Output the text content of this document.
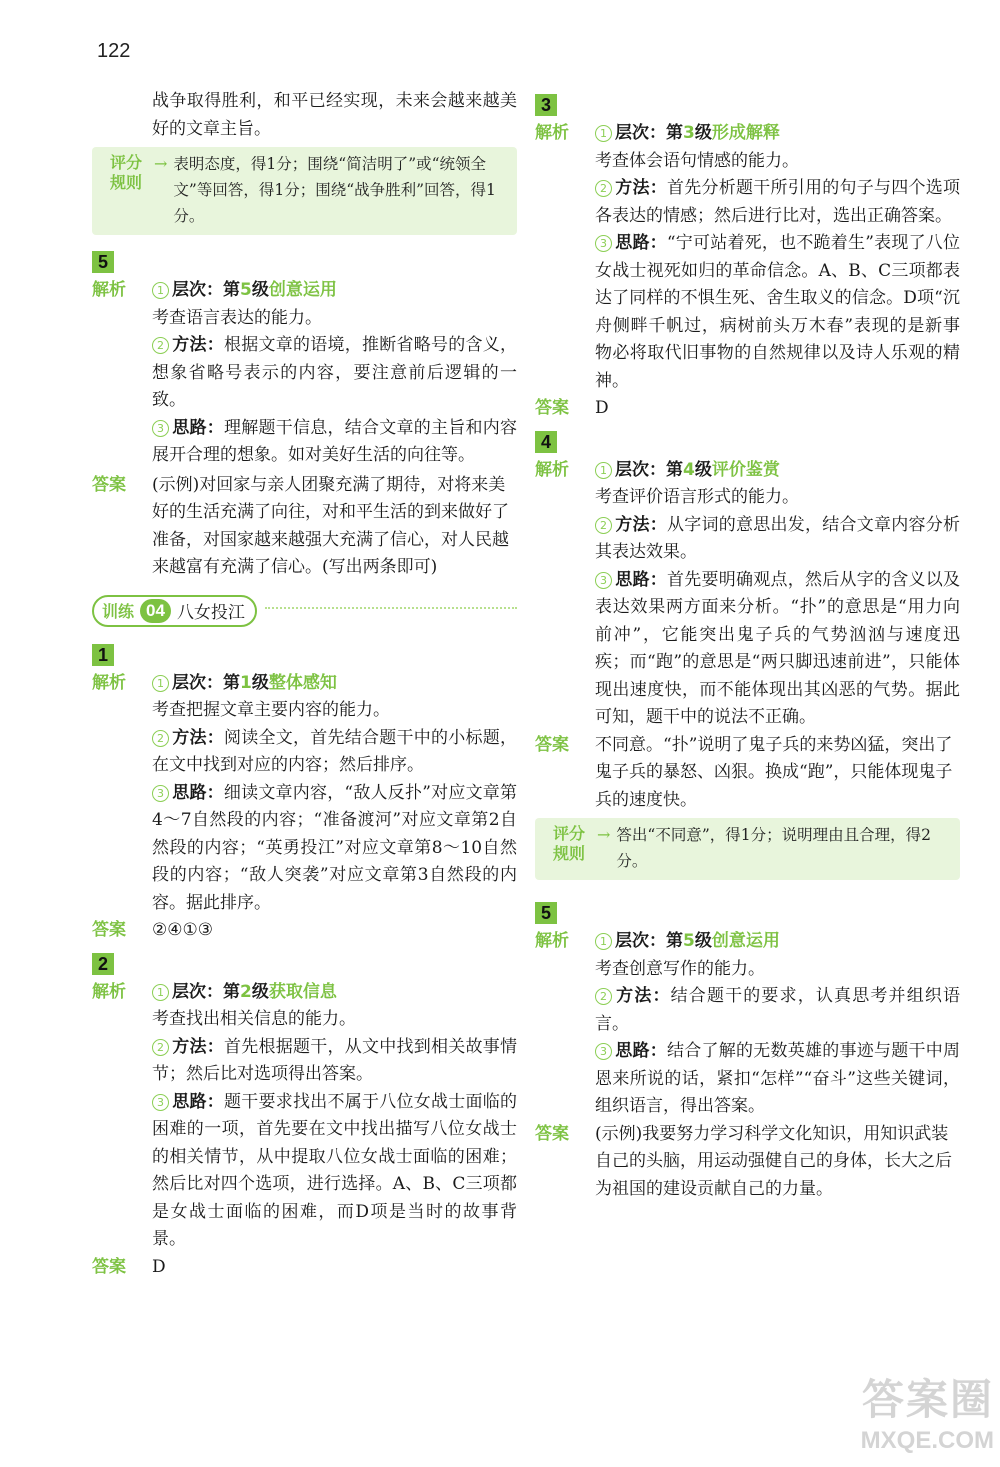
122
战争取得胜利，和平已经实现，未来会越来越美好的文章主旨。
评分
规则
→ 表明态度，得1分；围绕“简洁明了”或“统领全文”等回答，得1分；围绕“战争胜利”回答，得1分。
5
解析	1 层次：第5级创意运用
考查语言表达的能力。
2 方法：根据文章的语境，推断省略号的含义，想象省略号表示的内容，要注意前后逻辑的一致。
3 思路：理解题干信息，结合文章的主旨和内容展开合理的想象。如对美好生活的向往等。
答案	(示例)对回家与亲人团聚充满了期待，对将来美好的生活充满了向往，对和平生活的到来做好了准备，对国家越来越强大充满了信心，对人民越来越富有充满了信心。(写出两条即可)
训练 04 八女投江
1
解析	1 层次：第1级整体感知
考查把握文章主要内容的能力。
2 方法：阅读全文，首先结合题干中的小标题，在文中找到对应的内容；然后排序。
3 思路：细读文章内容，“敌人反扑”对应文章第4～7自然段的内容；“准备渡河”对应文章第2自然段的内容；“英勇投江”对应文章第8～10自然段的内容；“敌人突袭”对应文章第3自然段的内容。据此排序。
答案	②④①③
2
解析	1 层次：第2级获取信息
考查找出相关信息的能力。
2 方法：首先根据题干，从文中找到相关故事情节；然后比对选项得出答案。
3 思路：题干要求找出不属于八位女战士面临的困难的一项，首先要在文中找出描写八位女战士的相关情节，从中提取八位女战士面临的困难；然后比对四个选项，进行选择。A、B、C三项都是女战士面临的困难，而D项是当时的故事背景。
答案	D
3
解析	1 层次：第3级形成解释
考查体会语句情感的能力。
2 方法：首先分析题干所引用的句子与四个选项各表达的情感；然后进行比对，选出正确答案。
3 思路：“宁可站着死，也不跪着生”表现了八位女战士视死如归的革命信念。A、B、C三项都表达了同样的不惧生死、舍生取义的信念。D项“沉舟侧畔千帆过，病树前头万木春”表现的是新事物必将取代旧事物的自然规律以及诗人乐观的精神。
答案	D
4
解析	1 层次：第4级评价鉴赏
考查评价语言形式的能力。
2 方法：从字词的意思出发，结合文章内容分析其表达效果。
3 思路：首先要明确观点，然后从字的含义以及表达效果两方面来分析。“扑”的意思是“用力向前冲”，它能突出鬼子兵的气势汹汹与速度迅疾；而“跑”的意思是“两只脚迅速前进”，只能体现出速度快，而不能体现出其凶恶的气势。据此可知，题干中的说法不正确。
答案	不同意。“扑”说明了鬼子兵的来势凶猛，突出了鬼子兵的暴怒、凶狠。换成“跑”，只能体现鬼子兵的速度快。
评分
规则
→ 答出“不同意”，得1分；说明理由且合理，得2分。
5
解析	1 层次：第5级创意运用
考查创意写作的能力。
2 方法：结合题干的要求，认真思考并组织语言。
3 思路：结合了解的无数英雄的事迹与题干中周恩来所说的话，紧扣“怎样”“奋斗”这些关键词，组织语言，得出答案。
答案	(示例)我要努力学习科学文化知识，用知识武装自己的头脑，用运动强健自己的身体，长大之后为祖国的建设贡献自己的力量。
答案圈
MXQE.COM
